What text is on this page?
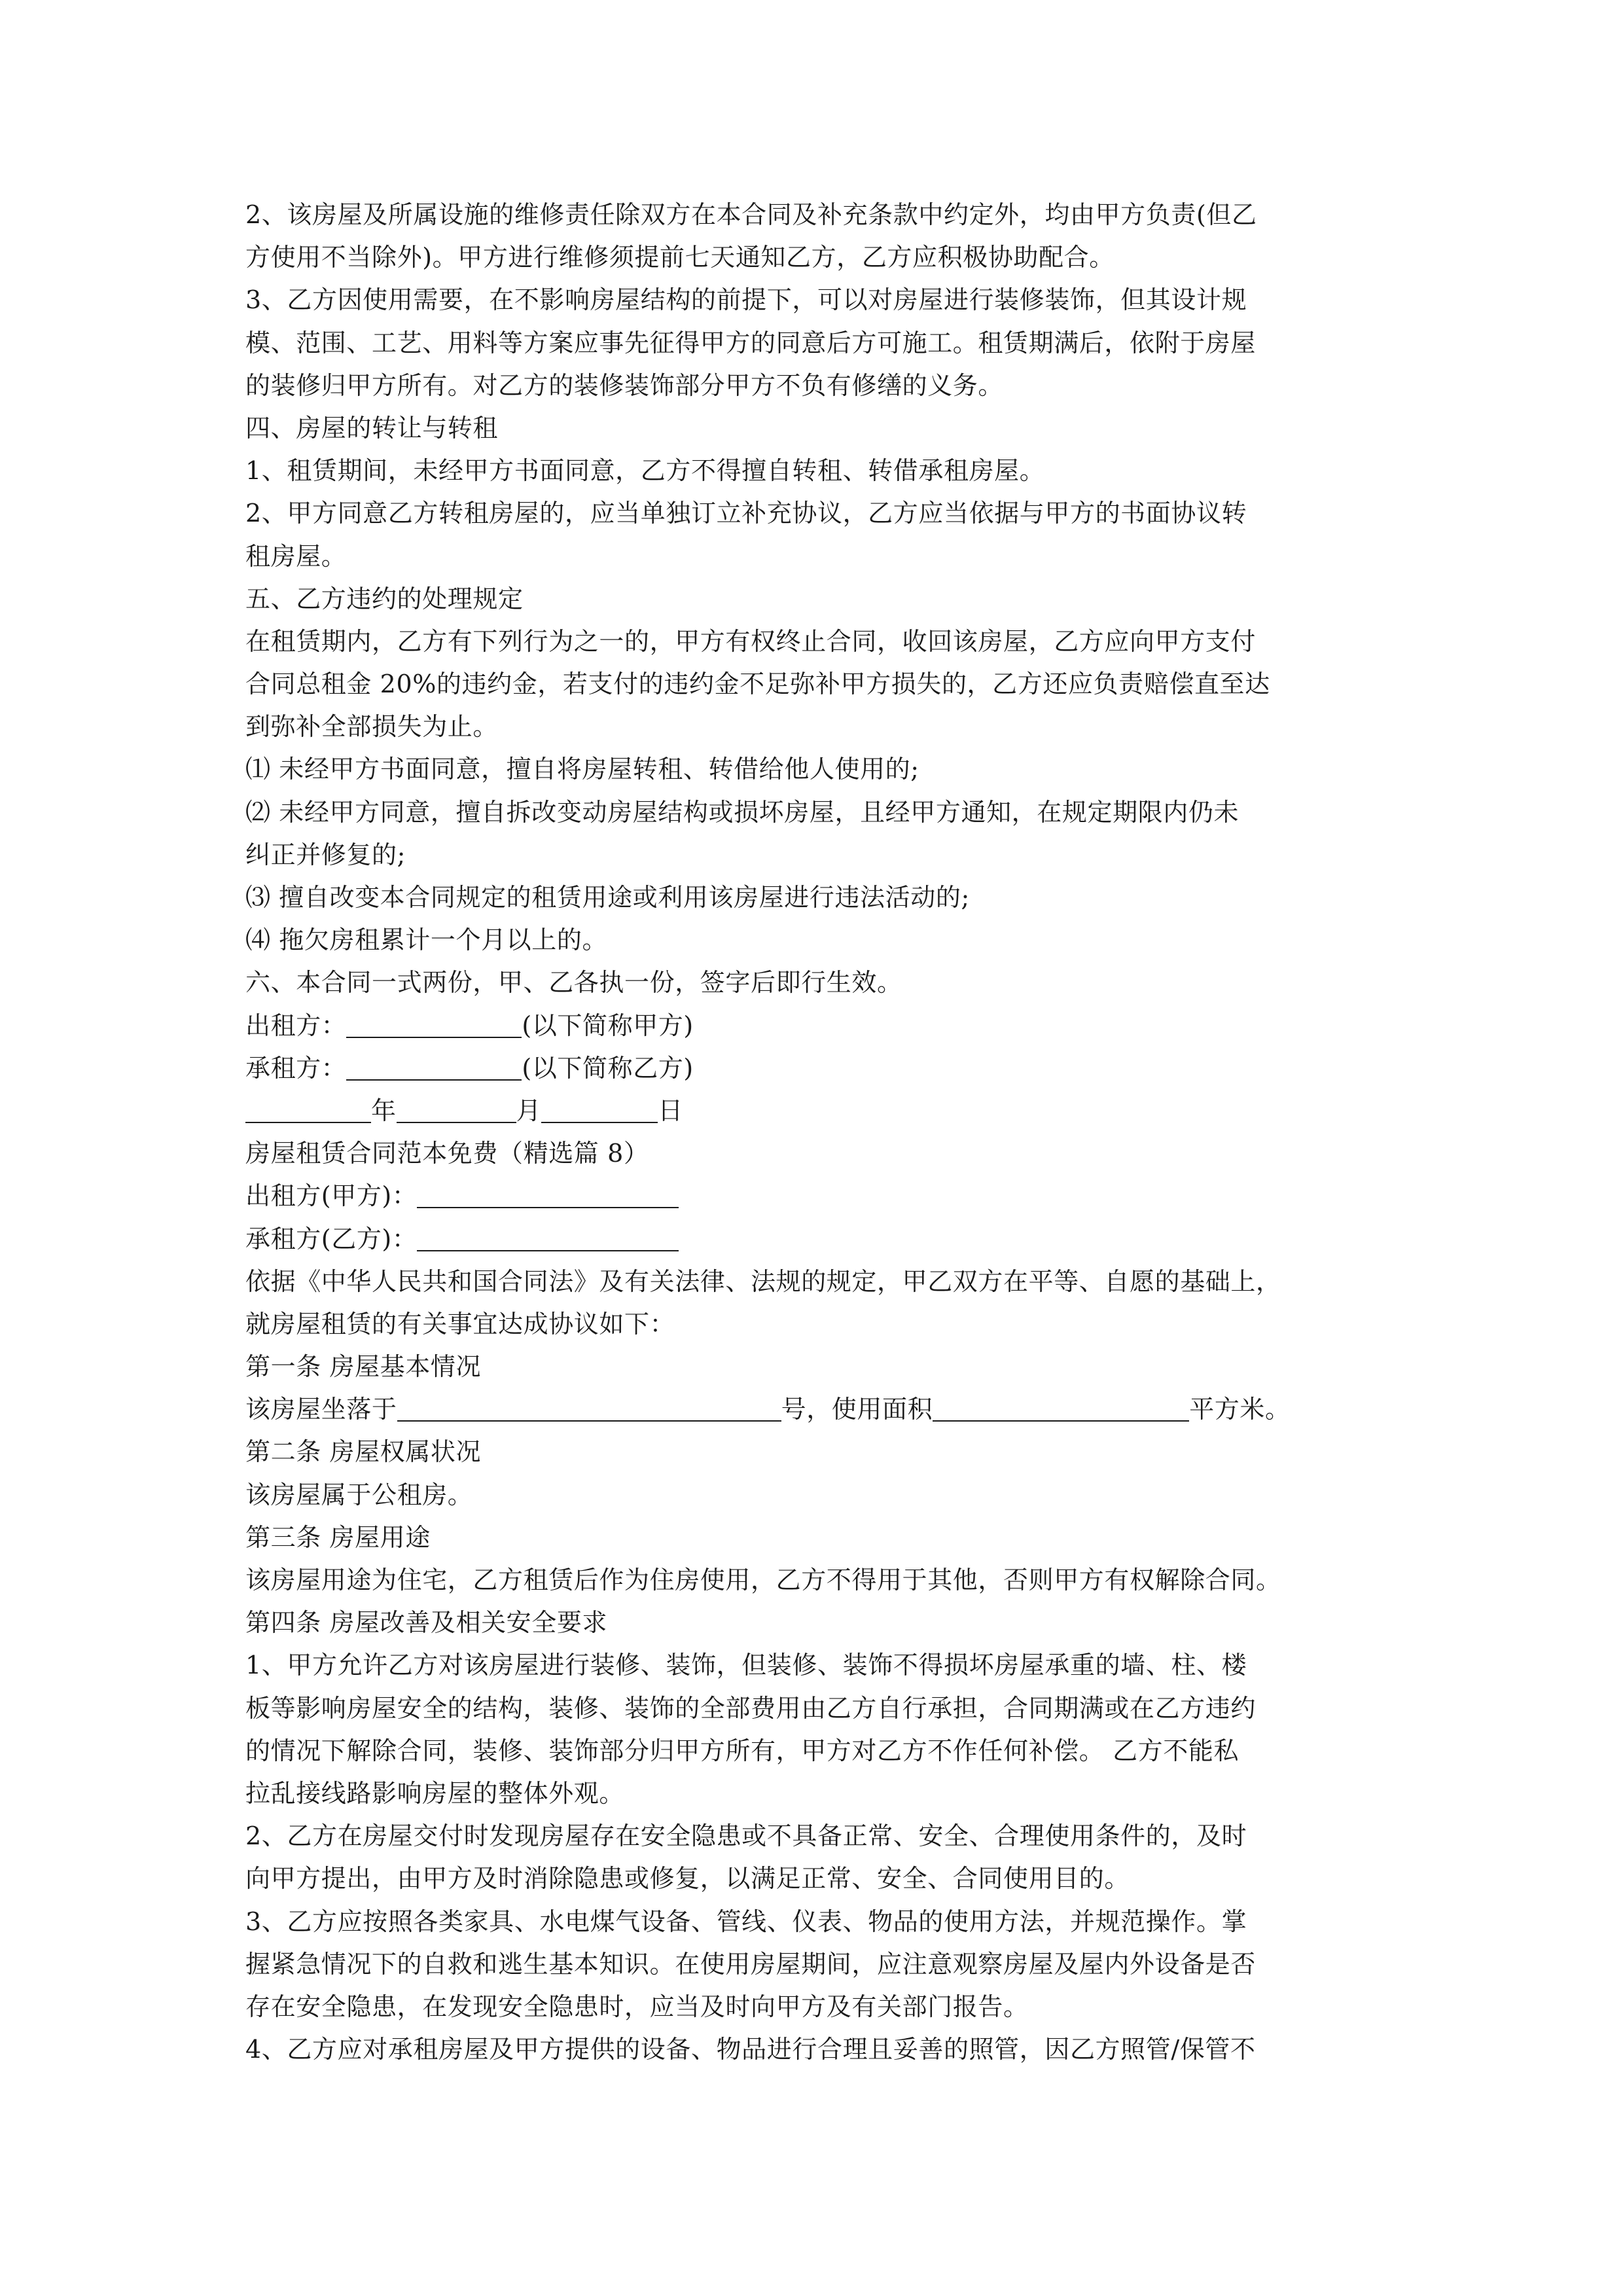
2、该房屋及所属设施的维修责任除双方在本合同及补充条款中约定外，均由甲方负责(但乙
方使用不当除外)。甲方进行维修须提前七天通知乙方，乙方应积极协助配合。
3、乙方因使用需要，在不影响房屋结构的前提下，可以对房屋进行装修装饰，但其设计规
模、范围、工艺、用料等方案应事先征得甲方的同意后方可施工。租赁期满后，依附于房屋
的装修归甲方所有。对乙方的装修装饰部分甲方不负有修缮的义务。
四、房屋的转让与转租
1、租赁期间，未经甲方书面同意，乙方不得擅自转租、转借承租房屋。
2、甲方同意乙方转租房屋的，应当单独订立补充协议，乙方应当依据与甲方的书面协议转
租房屋。
五、乙方违约的处理规定
在租赁期内，乙方有下列行为之一的，甲方有权终止合同，收回该房屋，乙方应向甲方支付
合同总租金 20%的违约金，若支付的违约金不足弥补甲方损失的，乙方还应负责赔偿直至达
到弥补全部损失为止。
⑴ 未经甲方书面同意，擅自将房屋转租、转借给他人使用的;
⑵ 未经甲方同意，擅自拆改变动房屋结构或损坏房屋，且经甲方通知，在规定期限内仍未
纠正并修复的;
⑶ 擅自改变本合同规定的租赁用途或利用该房屋进行违法活动的;
⑷ 拖欠房租累计一个月以上的。
六、本合同一式两份，甲、乙各执一份，签字后即行生效。
出租方：	(以下简称甲方)
承租方：	(以下简称乙方)
年	月	日
房屋租赁合同范本免费（精选篇 8）
出租方(甲方)：
承租方(乙方)：
依据《中华人民共和国合同法》及有关法律、法规的规定，甲乙双方在平等、自愿的基础上，
就房屋租赁的有关事宜达成协议如下：
第一条 房屋基本情况
该房屋坐落于	号，使用面积	平方米。
第二条 房屋权属状况
该房屋属于公租房。
第三条 房屋用途
该房屋用途为住宅，乙方租赁后作为住房使用，乙方不得用于其他，否则甲方有权解除合同。
第四条 房屋改善及相关安全要求
1、甲方允许乙方对该房屋进行装修、装饰，但装修、装饰不得损坏房屋承重的墙、柱、楼
板等影响房屋安全的结构，装修、装饰的全部费用由乙方自行承担，合同期满或在乙方违约
的情况下解除合同，装修、装饰部分归甲方所有，甲方对乙方不作任何补偿。 乙方不能私
拉乱接线路影响房屋的整体外观。
2、乙方在房屋交付时发现房屋存在安全隐患或不具备正常、安全、合理使用条件的，及时
向甲方提出，由甲方及时消除隐患或修复，以满足正常、安全、合同使用目的。
3、乙方应按照各类家具、水电煤气设备、管线、仪表、物品的使用方法，并规范操作。掌
握紧急情况下的自救和逃生基本知识。在使用房屋期间，应注意观察房屋及屋内外设备是否
存在安全隐患，在发现安全隐患时，应当及时向甲方及有关部门报告。
4、乙方应对承租房屋及甲方提供的设备、物品进行合理且妥善的照管，因乙方照管/保管不
